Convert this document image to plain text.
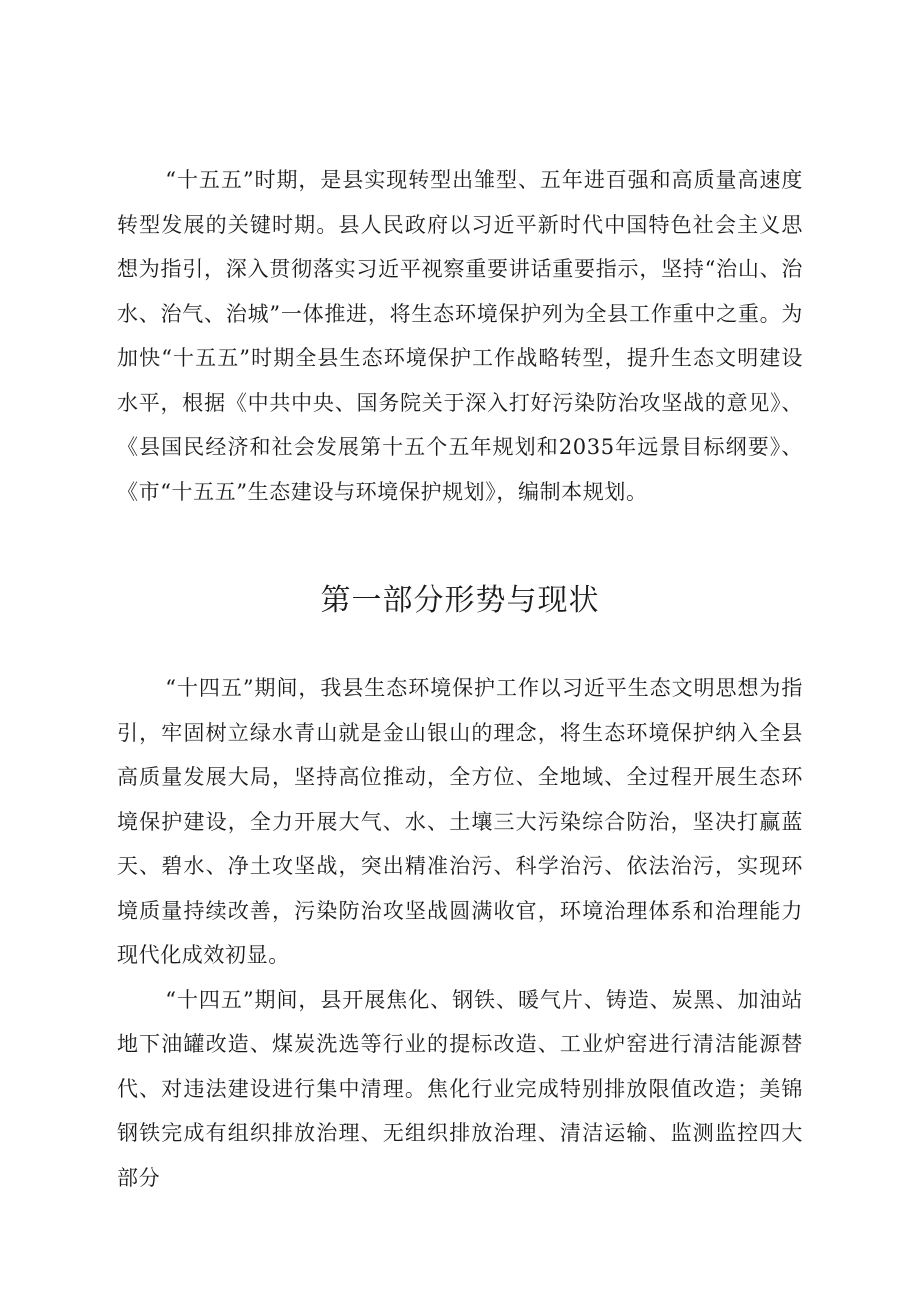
“十五五”时期，是县实现转型出雏型、五年进百强和高质量高速度转型发展的关键时期。县人民政府以习近平新时代中国特色社会主义思想为指引，深入贯彻落实习近平视察重要讲话重要指示，坚持“治山、治水、治气、治城”一体推进，将生态环境保护列为全县工作重中之重。为加快“十五五”时期全县生态环境保护工作战略转型，提升生态文明建设水平，根据《中共中央、国务院关于深入打好污染防治攻坚战的意见》、《县国民经济和社会发展第十五个五年规划和2035年远景目标纲要》、《市“十五五”生态建设与环境保护规划》，编制本规划。

第一部分形势与现状

“十四五”期间，我县生态环境保护工作以习近平生态文明思想为指引，牢固树立绿水青山就是金山银山的理念，将生态环境保护纳入全县高质量发展大局，坚持高位推动，全方位、全地域、全过程开展生态环境保护建设，全力开展大气、水、土壤三大污染综合防治，坚决打赢蓝天、碧水、净土攻坚战，突出精准治污、科学治污、依法治污，实现环境质量持续改善，污染防治攻坚战圆满收官，环境治理体系和治理能力现代化成效初显。

“十四五”期间，县开展焦化、钢铁、暖气片、铸造、炭黑、加油站地下油罐改造、煤炭洗选等行业的提标改造、工业炉窑进行清洁能源替代、对违法建设进行集中清理。焦化行业完成特别排放限值改造；美锦钢铁完成有组织排放治理、无组织排放治理、清洁运输、监测监控四大部分
